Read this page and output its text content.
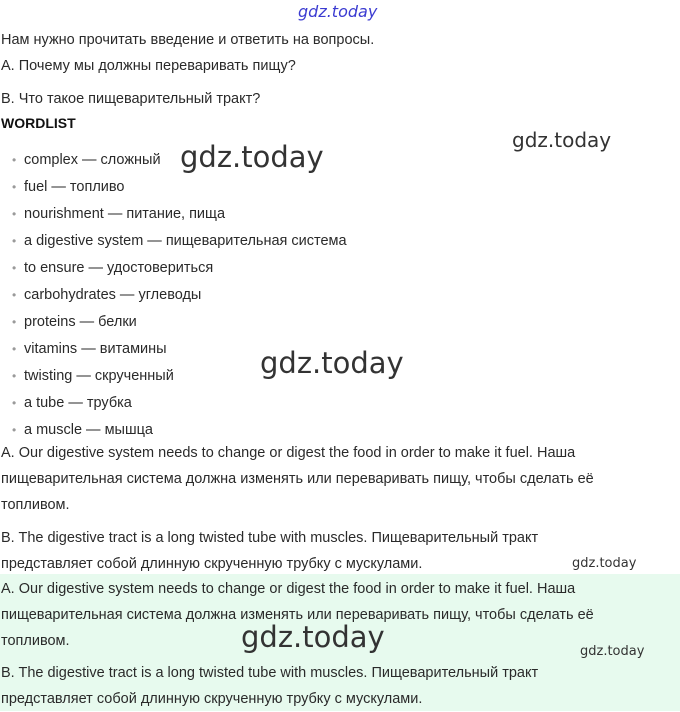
gdz.today
Нам нужно прочитать введение и ответить на вопросы.
A. Почему мы должны переваривать пищу?
B. Что такое пищеварительный тракт?
WORDLIST
• complex — сложный
• fuel — топливо
• nourishment — питание, пища
• a digestive system — пищеварительная система
• to ensure — удостовериться
• carbohydrates — углеводы
• proteins — белки
• vitamins — витамины
• twisting — скрученный
• a tube — трубка
• a muscle — мышца
A. Our digestive system needs to change or digest the food in order to make it fuel. Наша
пищеварительная система должна изменять или переваривать пищу, чтобы сделать её
топливом.
B. The digestive tract is a long twisted tube with muscles. Пищеварительный тракт
представляет собой длинную скрученную трубку с мускулами.
A. Our digestive system needs to change or digest the food in order to make it fuel. Наша
пищеварительная система должна изменять или переваривать пищу, чтобы сделать её
топливом.
B. The digestive tract is a long twisted tube with muscles. Пищеварительный тракт
представляет собой длинную скрученную трубку с мускулами.
gdz.today
gdz.today
gdz.today
gdz.today
gdz.today	gdz.today
